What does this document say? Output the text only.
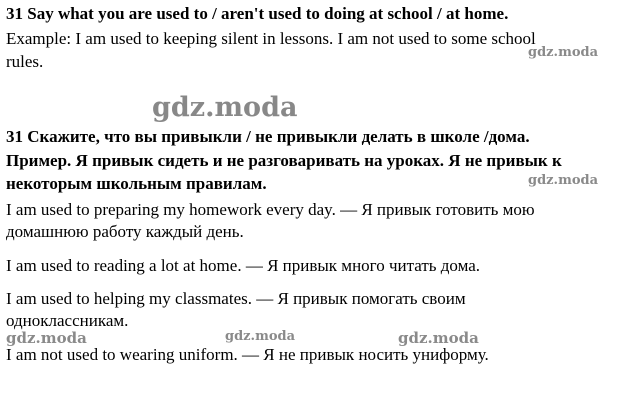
31 Say what you are used to / aren't used to doing at school / at home.

Example: I am used to keeping silent in lessons. I am not used to some school

rules.

31 Скажите, что вы привыкли / не привыкли делать в школе /дома.

Пример. Я привык сидеть и не разговаривать на уроках. Я не привык к

некоторым школьным правилам.

I am used to preparing my homework every day. — Я привык готовить мою

домашнюю работу каждый день.

I am used to reading a lot at home. — Я привык много читать дома.

I am used to helping my classmates. — Я привык помогать своим

одноклассникам.

I am not used to wearing uniform. — Я не привык носить униформу.

gdz.moda
gdz.moda
gdz.moda
gdz.moda	gdz.moda	gdz.moda
